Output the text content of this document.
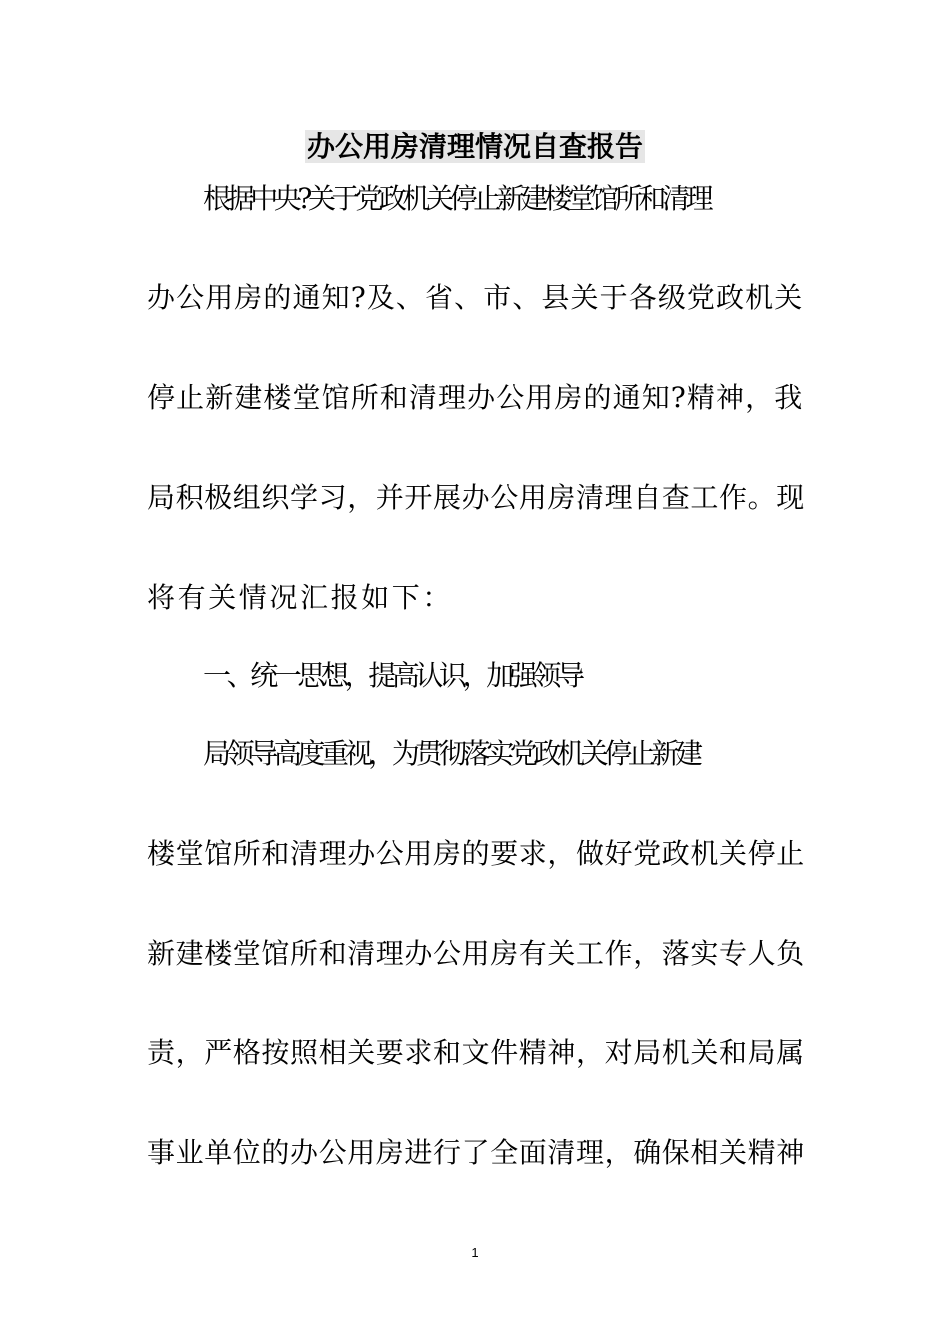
办公用房清理情况自查报告
根据中央?关于党政机关停止新建楼堂馆所和清理
办公用房的通知?及、省、市、县关于各级党政机关
停止新建楼堂馆所和清理办公用房的通知?精神，我
局积极组织学习，并开展办公用房清理自查工作。现
将有关情况汇报如下：
一、统一思想，提高认识，加强领导
局领导高度重视，为贯彻落实党政机关停止新建
楼堂馆所和清理办公用房的要求，做好党政机关停止
新建楼堂馆所和清理办公用房有关工作，落实专人负
责，严格按照相关要求和文件精神，对局机关和局属
事业单位的办公用房进行了全面清理，确保相关精神
1
